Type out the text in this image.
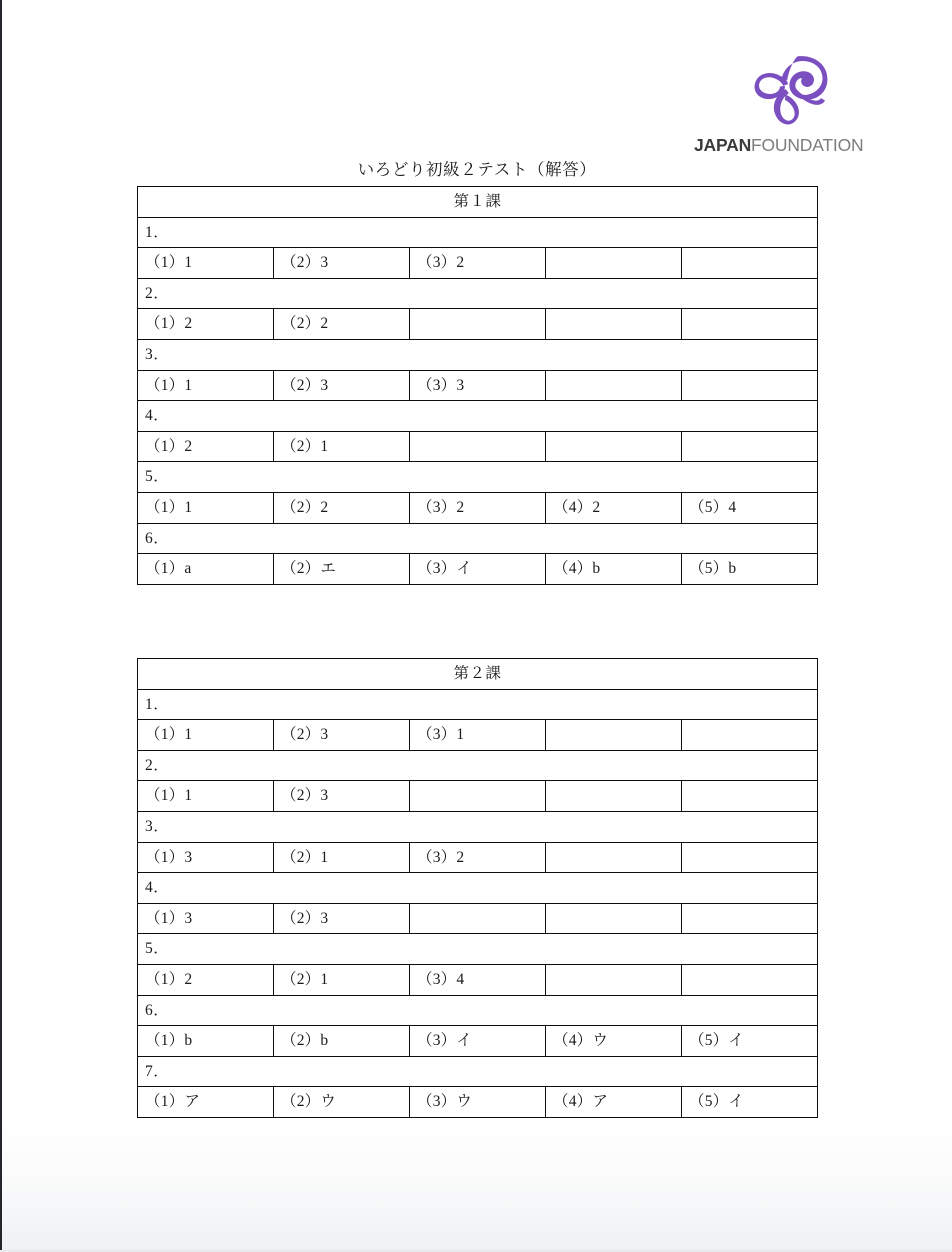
JAPANFOUNDATION
いろどり初級２テスト（解答）
第１課				
1．				
（1）1	（2）3	（3）2		
2．				
（1）2	（2）2			
3．				
（1）1	（2）3	（3）3		
4．				
（1）2	（2）1			
5．				
（1）1	（2）2	（3）2	（4）2	（5）4
6．				
（1）a	（2）エ	（3）イ	（4）b	（5）b
第２課				
1．				
（1）1	（2）3	（3）1		
2．				
（1）1	（2）3			
3．				
（1）3	（2）1	（3）2		
4．				
（1）3	（2）3			
5．				
（1）2	（2）1	（3）4		
6．				
（1）b	（2）b	（3）イ	（4）ウ	（5）イ
7．				
（1）ア	（2）ウ	（3）ウ	（4）ア	（5）イ
